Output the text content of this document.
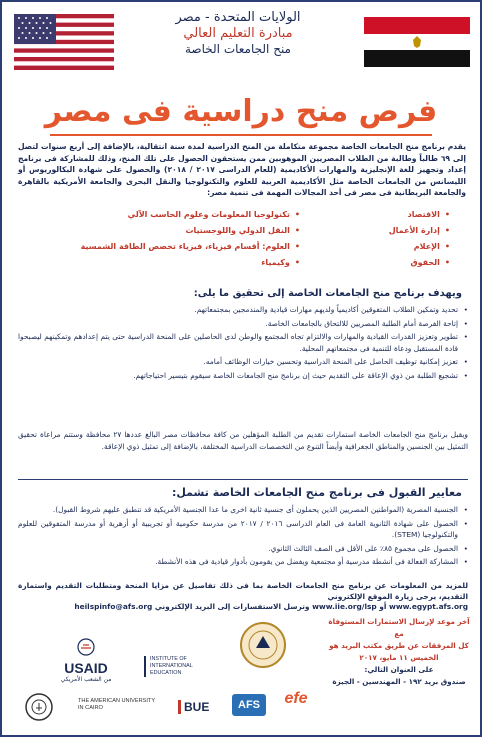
الولايات المتحدة - مصر
مبادرة التعليم العالي
منح الجامعات الخاصة
فرص منح دراسية فى مصر
يقدم برنامج منح الجامعات الخاصة مجموعة متكاملة من المنح الدراسية لمدة سنة انتقالية، بالإضافة إلى أربع سنوات لتصل إلى ٦٩ طالباً وطالبة من الطلاب المصريين الموهوبين ممن يستحقون الحصول على تلك المنح، وذلك للمشاركة فى برنامج إعداد وتجهيز للغة الإنجليزية والمهارات الأكاديمية (للعام الدراسى ٢٠١٧ / ٢٠١٨) والحصول على شهادة البكالوريوس أو الليسانس من الجامعات الخاصة مثل الأكاديمية العربية للعلوم والتكنولوجيا والنقل البحرى والجامعة الأمريكية بالقاهرة والجامعة البريطانية فى مصر فى أحد المجالات المهمة فى تنمية مصر:
• الاقتصاد
• إدارة الأعمال
• الإعلام
• الحقوق
• تكنولوجيا المعلومات وعلوم الحاسب الآلي
• النقل الدولي واللوجستيات
• العلوم: أقسام فيزياء، فيزياء تخصص الطاقة الشمسية
• وكيمياء
ويهدف برنامج منح الجامعات الخاصة إلى تحقيق ما يلى:
• تحديد وتمكين الطلاب المتفوقين أكاديمياً ولديهم مهارات قيادية والمندمجين بمجتمعاتهم.
• إتاحة الفرصة أمام الطلبة المصريين للالتحاق بالجامعات الخاصة.
• تطوير وتعزيز القدرات القيادية والمهارات والالتزام تجاه المجتمع والوطن لدى الحاصلين على المنحة الدراسية حتى يتم إعدادهم وتمكينهم ليصبحوا قادة المستقبل ودعاة للتنمية فى مجتمعاتهم المحلية.
• تعزيز إمكانية توظيف الحاصل على المنحة الدراسية وتحسين خيارات الوظائف أمامه.
• تشجيع الطلبة من ذوي الإعاقة على التقديم حيث إن برنامج منح الجامعات الخاصة سيقوم بتيسير احتياجاتهم.
ويقبل برنامج منح الجامعات الخاصة استمارات تقديم من الطلبة المؤهلين من كافة محافظات مصر البالغ عددها ٢٧ محافظة وستتم مراعاة تحقيق التمثيل بين الجنسين والمناطق الجغرافية وأيضاً التنوع من التخصصات الدراسية المختلفة، بالإضافة إلى تمثيل ذوي الإعاقة.
معايير القبول فى برنامج منح الجامعات الخاصة تشمل:
• الجنسية المصرية (المواطنين المصريين الذين يحملون أى جنسية ثانية اخرى ما عدا الجنسية الأمريكية قد تنطبق عليهم شروط القبول).
• الحصول على شهادة الثانوية العامة فى العام الدراسى ٢٠١٦ / ٢٠١٧ من مدرسة حكومية أو تجريبية أو أزهرية أو مدرسة المتفوقين للعلوم والتكنولوجيا (STEM).
• الحصول على مجموع ٨٥٪ على الأقل فى الصف الثالث الثانوي.
• المشاركة الفعالة فى أنشطة مدرسية أو مجتمعية ويفضل من يقومون بأدوار قيادية فى هذه الأنشطة.
للمزيد من المعلومات عن برنامج منح الجامعات الخاصة بما فى ذلك تفاصيل عن مزايا المنحة ومتطلبات التقديم واستمارة التقديم، يرجى زيارة الموقع الإلكتروني
www.egypt.afs.org أو www.iie.org/lsp وترسل الاستفسارات إلى البريد الإلكتروني heilspinfo@afs.org
آخر موعد لإرسال الاستمارات المستوفاة مع
كل المرفقات عن طريق مكتب البريد هو
الخميس ١١ مايو، ٢٠١٧
على العنوان التالي:
صندوق بريد ١٩٢ - المهندسين - الجيزة
USAID
من الشعب الأمريكي
INSTITUTE OF INTERNATIONAL EDUCATION
THE AMERICAN UNIVERSITY IN CAIRO	BUE	AFS	efe
